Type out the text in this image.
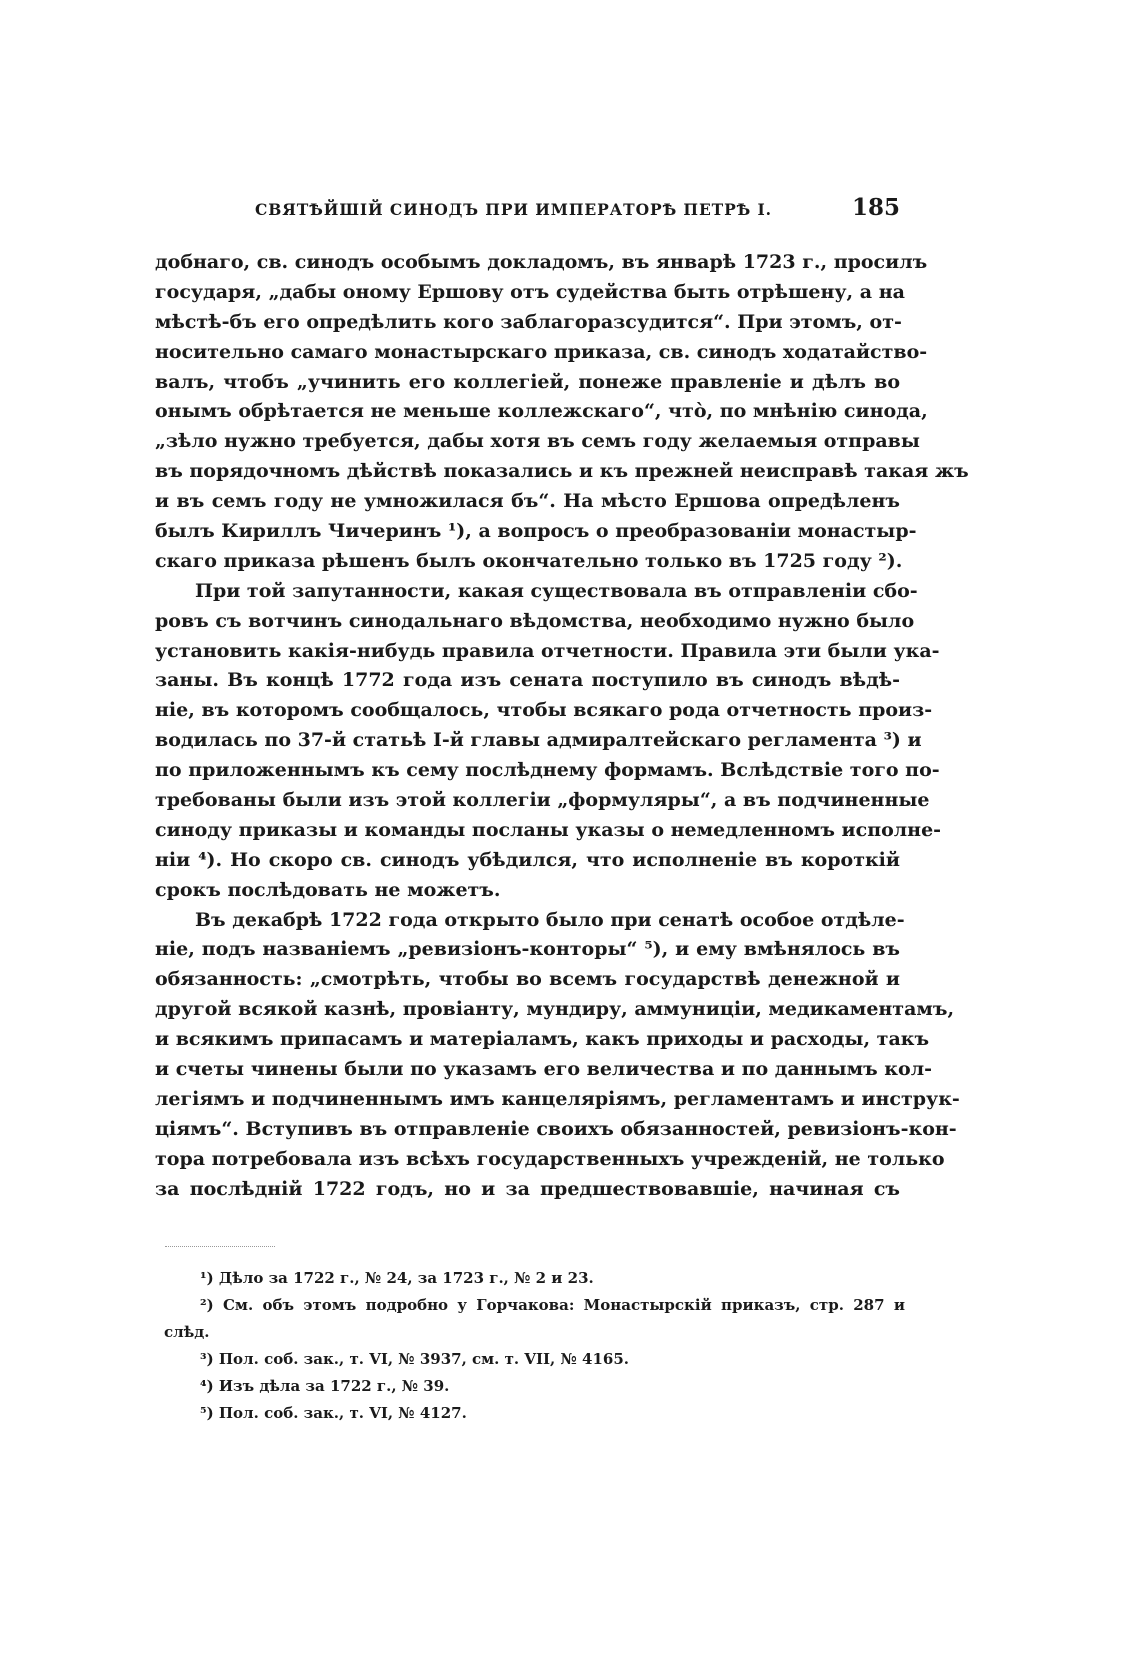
СВЯТѢЙШІЙ СИНОДЪ ПРИ ИМПЕРАТОРѢ ПЕТРѢ I.	185
добнаго, св. синодъ особымъ докладомъ, въ январѣ 1723 г., просилъ
государя, „дабы оному Ершову отъ судейства быть отрѣшену, а на
мѣстѣ-бъ его опредѣлить кого заблагоразсудится“. При этомъ, от-
носительно самаго монастырскаго приказа, св. синодъ ходатайство-
валъ, чтобъ „учинить его коллегiей, понеже правленіе и дѣлъ во
онымъ обрѣтается не меньше коллежскаго“, чтò, по мнѣнію синода,
„зѣло нужно требуется, дабы хотя въ семъ году желаемыя отправы
въ порядочномъ дѣйствѣ показались и къ прежней неисправѣ такая жъ
и въ семъ году не умножилася бъ“. На мѣсто Ершова опредѣленъ
былъ Кириллъ Чичеринъ ¹), а вопросъ о преобразованіи монастыр-
скаго приказа рѣшенъ былъ окончательно только въ 1725 году ²).
При той запутанности, какая существовала въ отправленіи сбо-
ровъ съ вотчинъ синодальнаго вѣдомства, необходимо нужно было
установить какія-нибудь правила отчетности. Правила эти были ука-
заны. Въ концѣ 1772 года изъ сената поступило въ синодъ вѣдѣ-
ніе, въ которомъ сообщалось, чтобы всякаго рода отчетность произ-
водилась по 37-й статьѣ I-й главы адмиралтейскаго регламента ³) и
по приложеннымъ къ сему послѣднему формамъ. Вслѣдствіе того по-
требованы были изъ этой коллегіи „формуляры“, а въ подчиненные
синоду приказы и команды посланы указы о немедленномъ исполне-
ніи ⁴). Но скоро св. синодъ убѣдился, что исполненіе въ короткій
срокъ послѣдовать не можетъ.
Въ декабрѣ 1722 года открыто было при сенатѣ особое отдѣле-
ніе, подъ названіемъ „ревизіонъ-конторы“ ⁵), и ему вмѣнялось въ
обязанность: „смотрѣть, чтобы во всемъ государствѣ денежной и
другой всякой казнѣ, провіанту, мундиру, аммуниціи, медикаментамъ,
и всякимъ припасамъ и матеріаламъ, какъ приходы и расходы, такъ
и счеты чинены были по указамъ его величества и по даннымъ кол-
легіямъ и подчиненнымъ имъ канцеляріямъ, регламентамъ и инструк-
ціямъ“. Вступивъ въ отправленіе своихъ обязанностей, ревизіонъ-кон-
тора потребовала изъ всѣхъ государственныхъ учрежденій, не только
за послѣдній 1722 годъ, но и за предшествовавшіе, начиная съ
¹) Дѣло за 1722 г., № 24, за 1723 г., № 2 и 23.
²) См. объ этомъ подробно у Горчакова: Монастырскій приказъ, стр. 287 и
слѣд.
³) Пол. соб. зак., т. VI, № 3937, см. т. VII, № 4165.
⁴) Изъ дѣла за 1722 г., № 39.
⁵) Пол. соб. зак., т. VI, № 4127.
